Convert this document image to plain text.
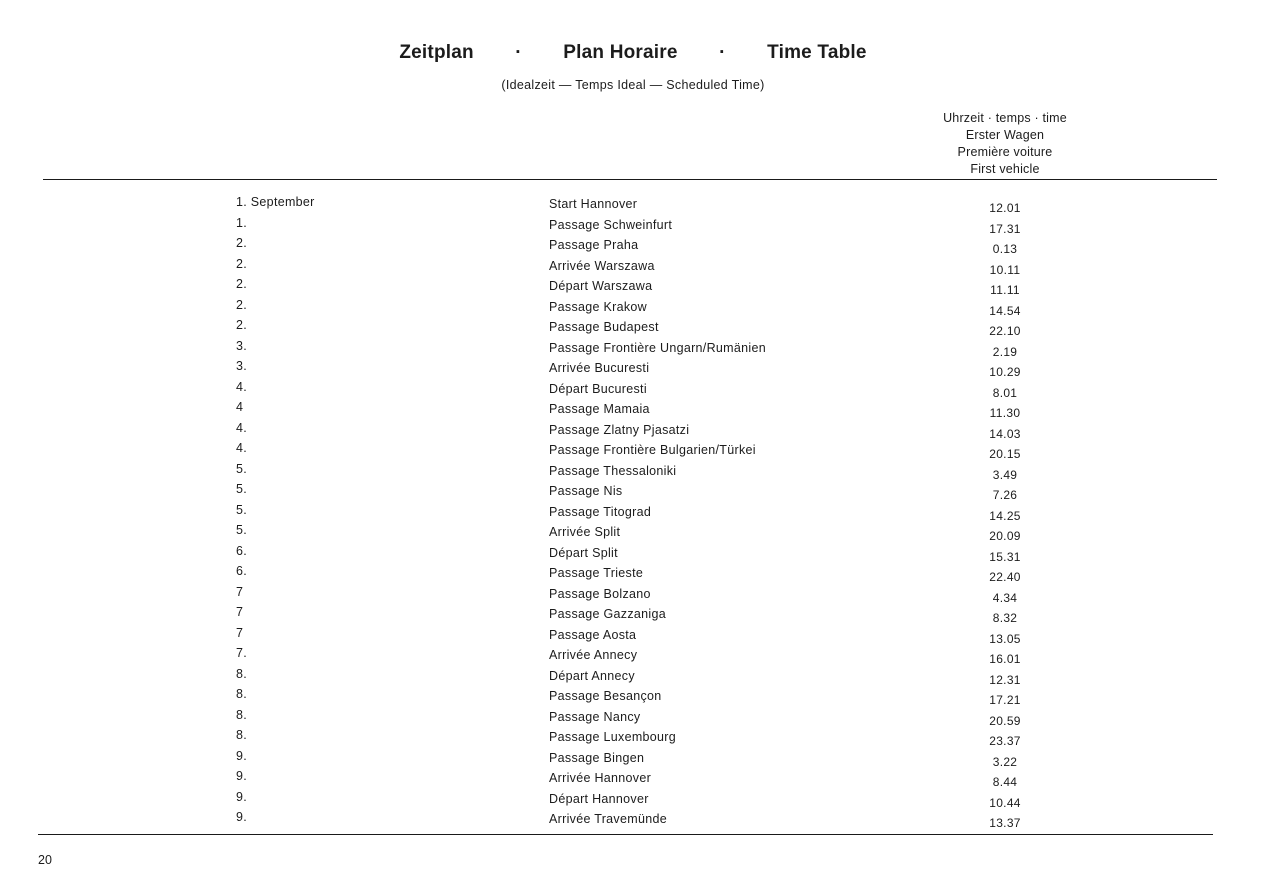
Zeitplan · Plan Horaire · Time Table
(Idealzeit — Temps Ideal — Scheduled Time)
Uhrzeit · temps · time
Erster Wagen
Première voiture
First vehicle
1. September	Start Hannover	12.01
1.	Passage Schweinfurt	17.31
2.	Passage Praha	0.13
2.	Arrivée Warszawa	10.11
2.	Départ Warszawa	11.11
2.	Passage Krakow	14.54
2.	Passage Budapest	22.10
3.	Passage Frontière Ungarn/Rumänien	2.19
3.	Arrivée Bucuresti	10.29
4.	Départ Bucuresti	8.01
4	Passage Mamaia	11.30
4.	Passage Zlatny Pjasatzi	14.03
4.	Passage Frontière Bulgarien/Türkei	20.15
5.	Passage Thessaloniki	3.49
5.	Passage Nis	7.26
5.	Passage Titograd	14.25
5.	Arrivée Split	20.09
6.	Départ Split	15.31
6.	Passage Trieste	22.40
7	Passage Bolzano	4.34
7	Passage Gazzaniga	8.32
7	Passage Aosta	13.05
7.	Arrivée Annecy	16.01
8.	Départ Annecy	12.31
8.	Passage Besançon	17.21
8.	Passage Nancy	20.59
8.	Passage Luxembourg	23.37
9.	Passage Bingen	3.22
9.	Arrivée Hannover	8.44
9.	Départ Hannover	10.44
9.	Arrivée Travemünde	13.37
20
